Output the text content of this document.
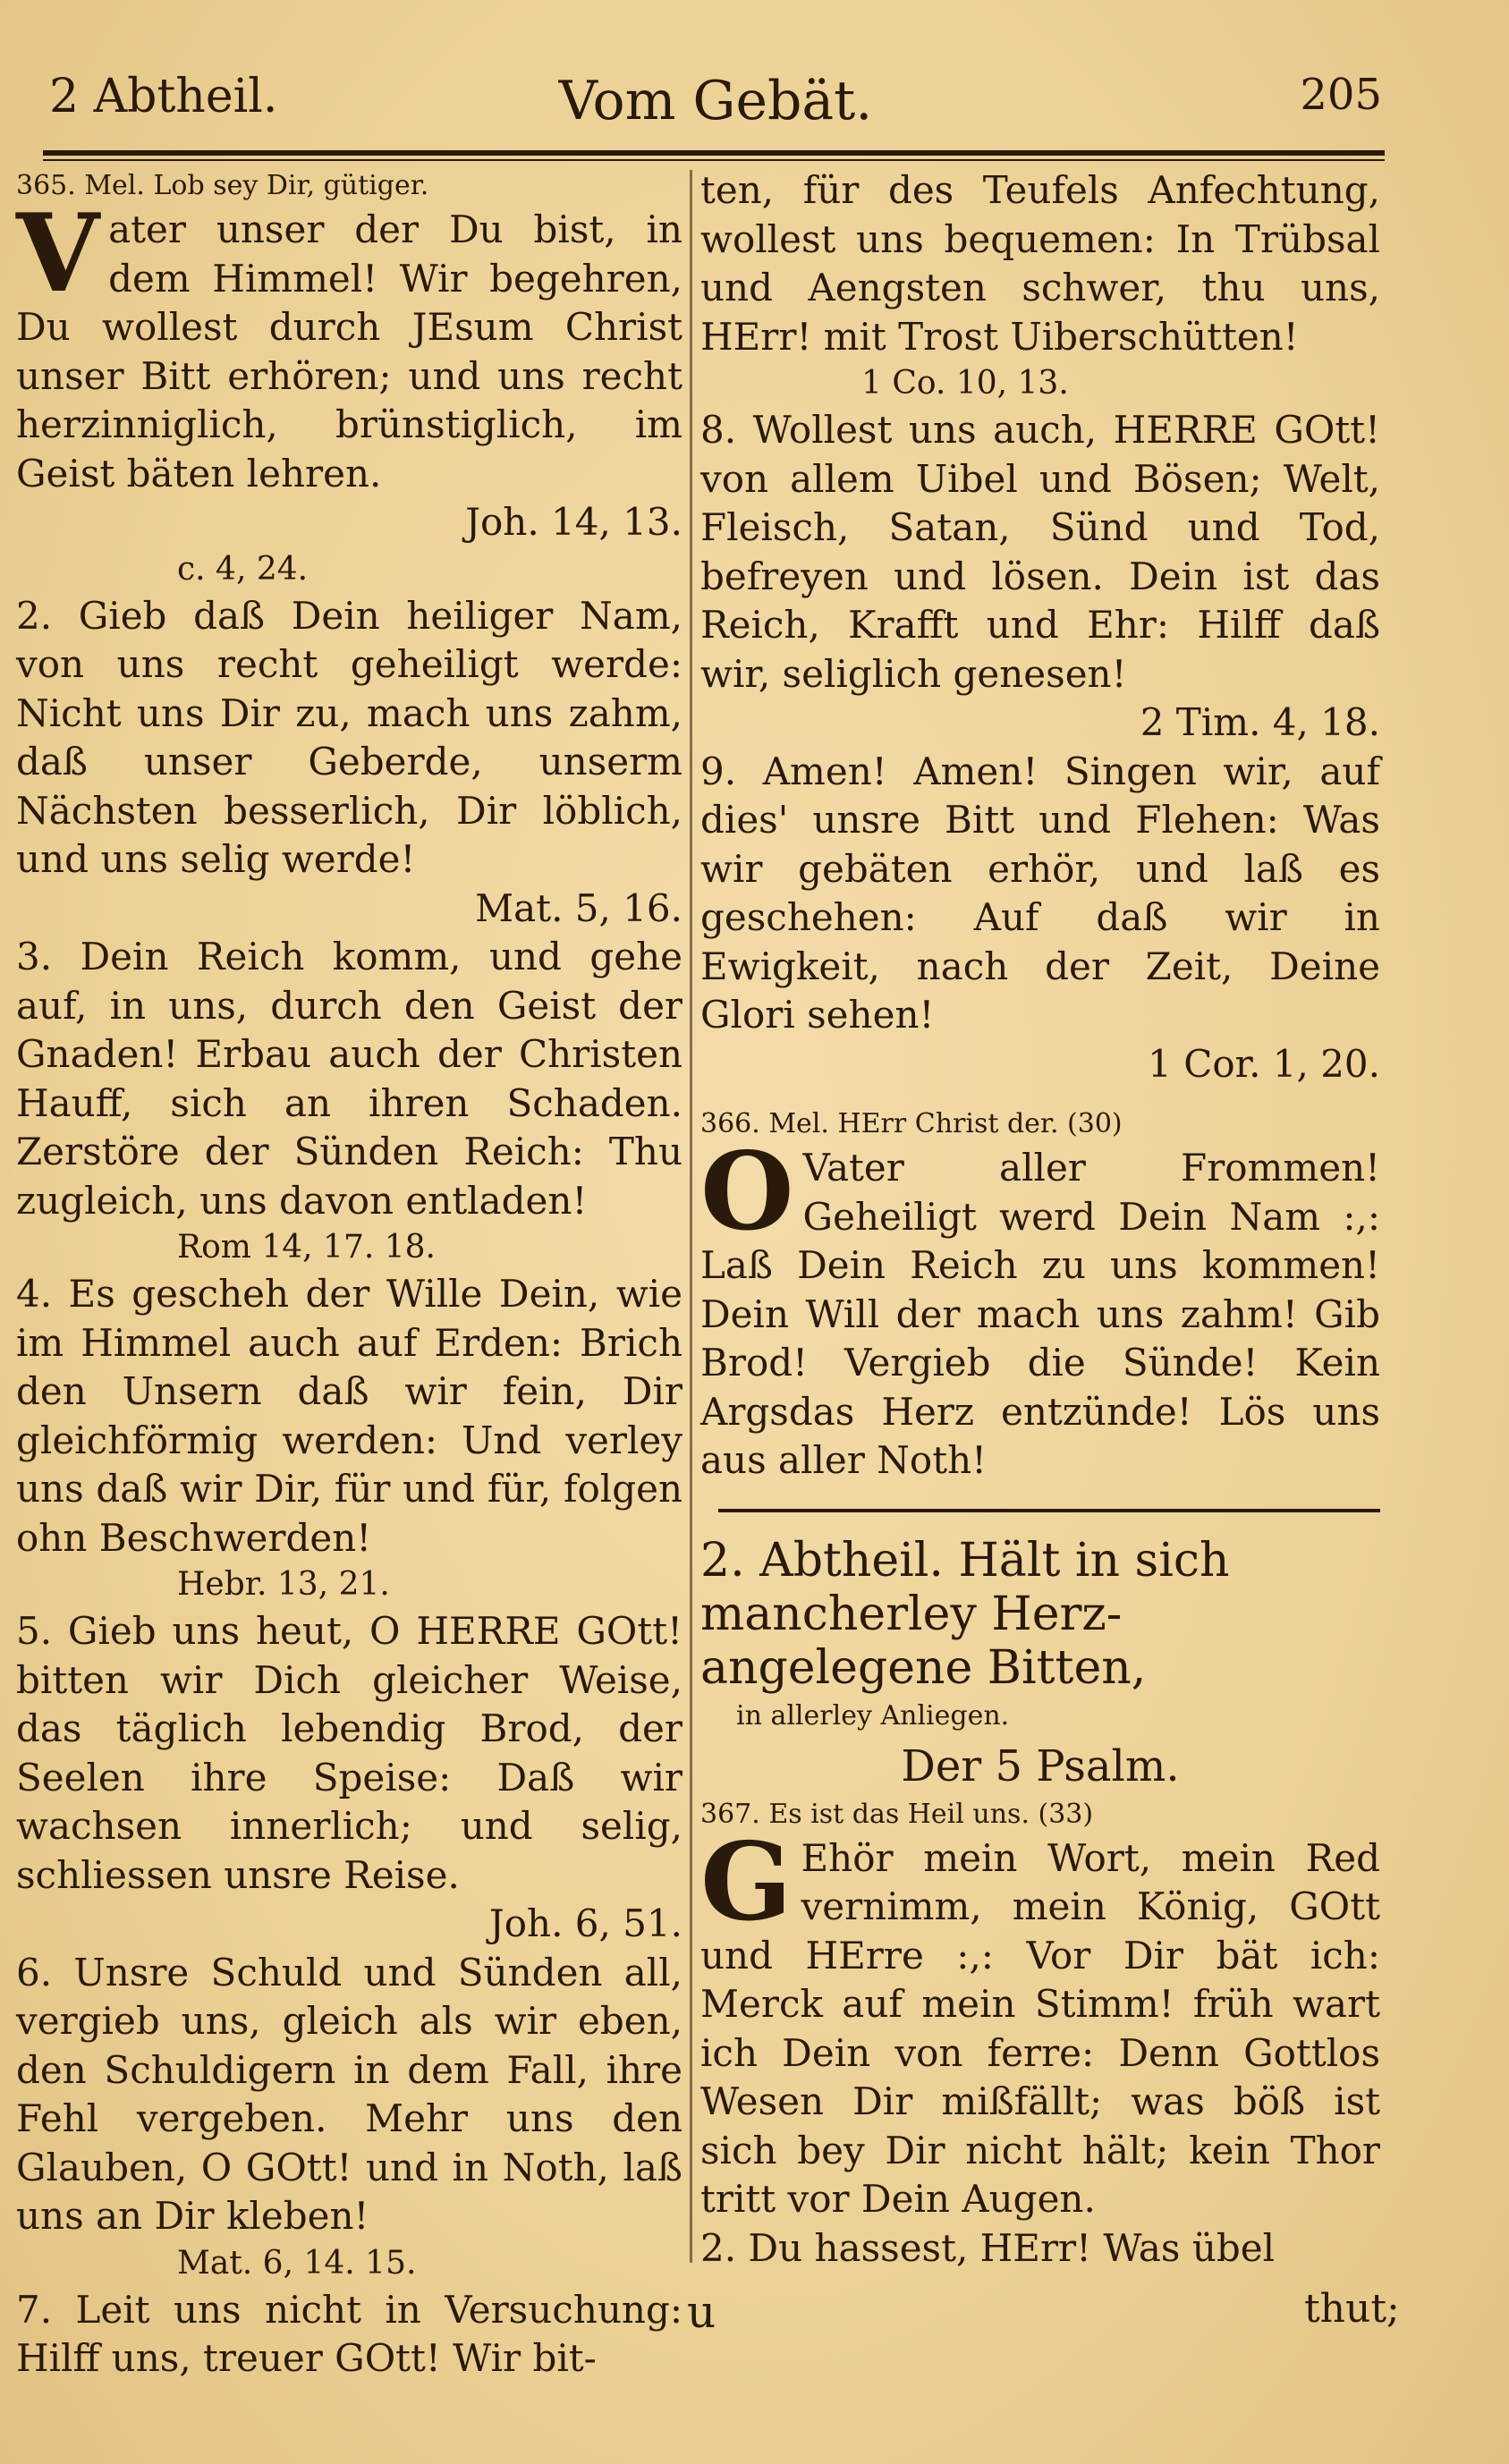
Vom Gebät.
2 Abtheil.	205
365. Mel. Lob sey Dir, gütiger.
Vater unser der Du bist, in dem Himmel! Wir begehren, Du wollest durch JEsum Christ unser Bitt erhören; und uns recht herzinniglich, brünstiglich, im Geist bäten lehren.
Joh. 14, 13.
c. 4, 24.
2. Gieb daß Dein heiliger Nam, von uns recht geheiligt werde: Nicht uns Dir zu, mach uns zahm, daß unser Geberde, unserm Nächsten besserlich, Dir löblich, und uns selig werde!
Mat. 5, 16.
3. Dein Reich komm, und gehe auf, in uns, durch den Geist der Gnaden! Erbau auch der Christen Hauff, sich an ihren Schaden. Zerstöre der Sünden Reich: Thu zugleich, uns davon entladen!
Rom 14, 17. 18.
4. Es gescheh der Wille Dein, wie im Himmel auch auf Erden: Brich den Unsern daß wir fein, Dir gleichförmig werden: Und verley uns daß wir Dir, für und für, folgen ohn Beschwerden!
Hebr. 13, 21.
5. Gieb uns heut, O HERRE GOtt! bitten wir Dich gleicher Weise, das täglich lebendig Brod, der Seelen ihre Speise: Daß wir wachsen innerlich; und selig, schliessen unsre Reise.
Joh. 6, 51.
6. Unsre Schuld und Sünden all, vergieb uns, gleich als wir eben, den Schuldigern in dem Fall, ihre Fehl vergeben. Mehr uns den Glauben, O GOtt! und in Noth, laß uns an Dir kleben!
Mat. 6, 14. 15.
7. Leit uns nicht in Versuchung: Hilff uns, treuer GOtt! Wir bit-
ten, für des Teufels Anfechtung, wollest uns bequemen: In Trübsal und Aengsten schwer, thu uns, HErr! mit Trost Uiberschütten!
1 Co. 10, 13.
8. Wollest uns auch, HERRE GOtt! von allem Uibel und Bösen; Welt, Fleisch, Satan, Sünd und Tod, befreyen und lösen. Dein ist das Reich, Krafft und Ehr: Hilff daß wir, seliglich genesen!
2 Tim. 4, 18.
9. Amen! Amen! Singen wir, auf dies' unsre Bitt und Flehen: Was wir gebäten erhör, und laß es geschehen: Auf daß wir in Ewigkeit, nach der Zeit, Deine Glori sehen!
1 Cor. 1, 20.
366. Mel. HErr Christ der. (30)
O Vater aller Frommen! Geheiligt werd Dein Nam :,: Laß Dein Reich zu uns kommen! Dein Will der mach uns zahm! Gib Brod! Vergieb die Sünde! Kein Argsdas Herz entzünde! Lös uns aus aller Noth!
2. Abtheil. Hält in sich mancherley Herz-angelegene Bitten,
in allerley Anliegen.
Der 5 Psalm.
367. Es ist das Heil uns. (33)
G Ehör mein Wort, mein Red vernimm, mein König, GOtt und HErre :,: Vor Dir bät ich: Merck auf mein Stimm! früh wart ich Dein von ferre: Denn Gottlos Wesen Dir mißfällt; was böß ist sich bey Dir nicht hält; kein Thor tritt vor Dein Augen.
2. Du hassest, HErr! Was übel
u	thut;
